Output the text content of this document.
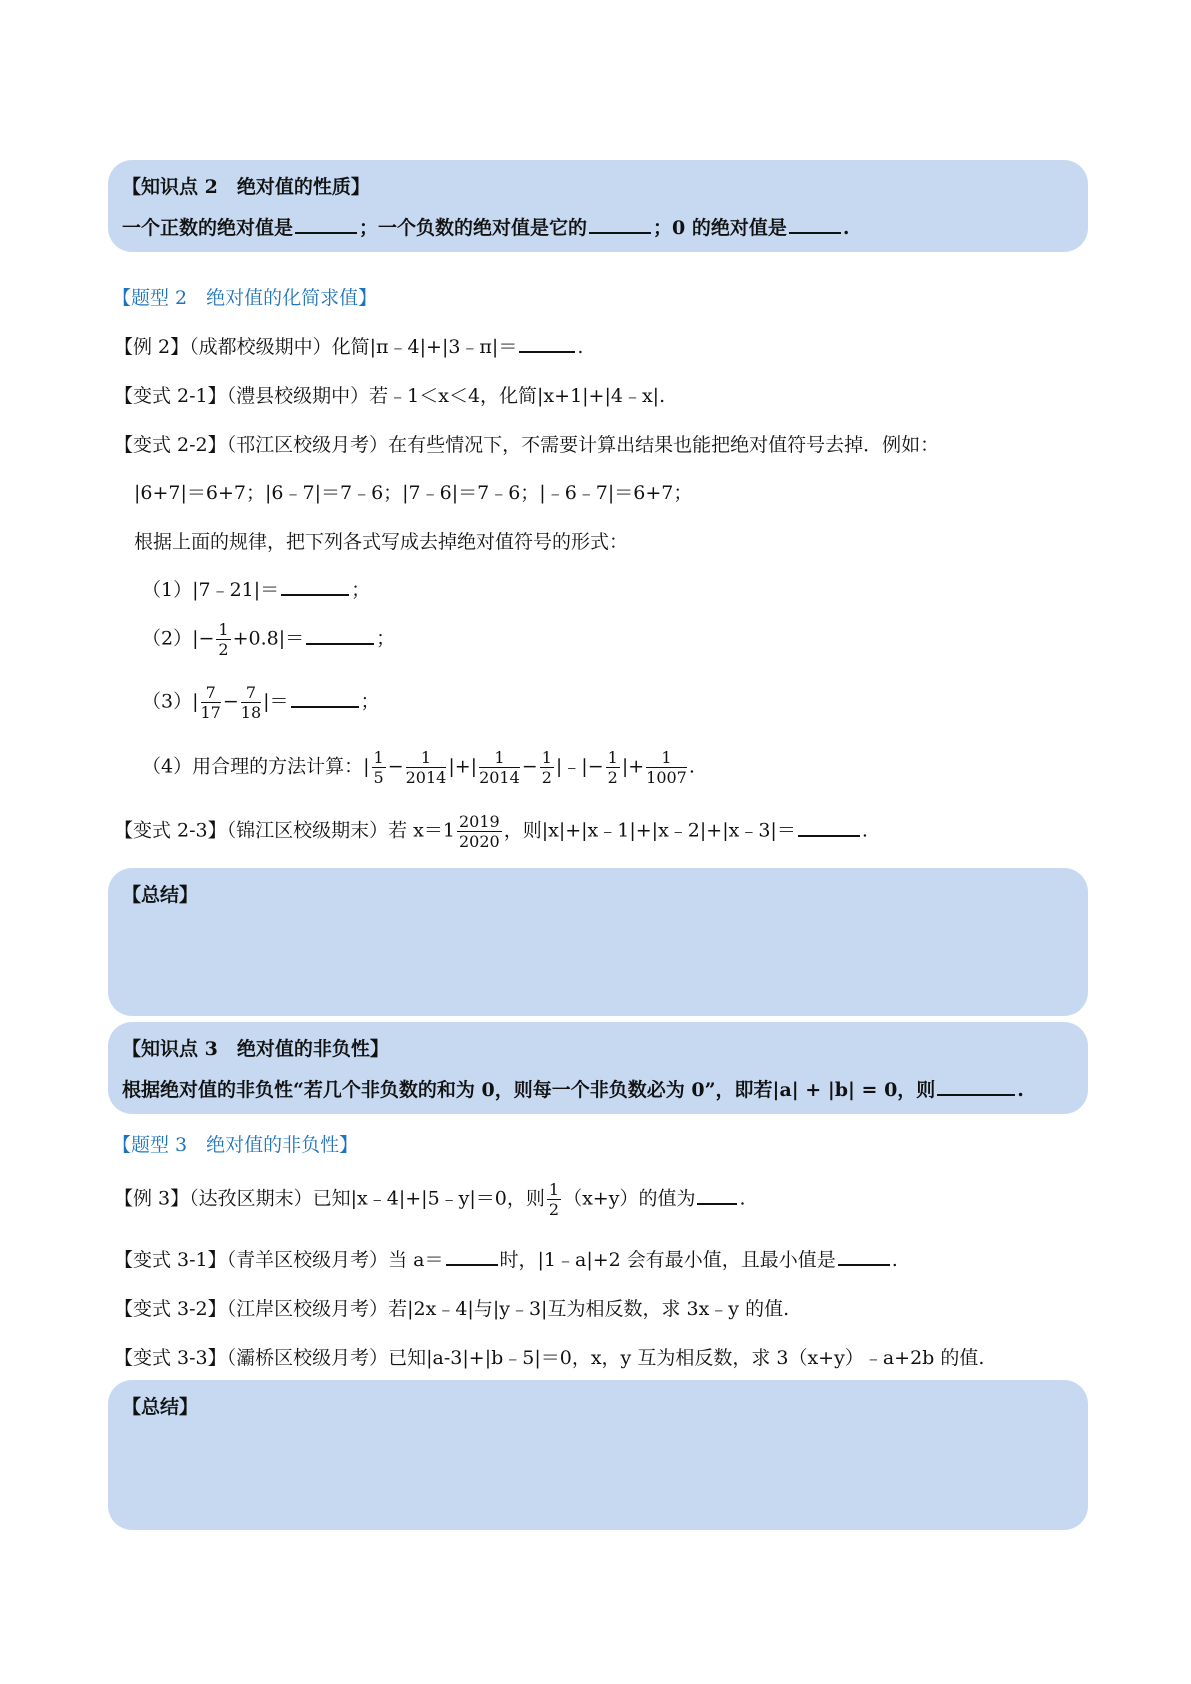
【知识点 2　绝对值的性质】
一个正数的绝对值是	；一个负数的绝对值是它的	；0 的绝对值是	.
【题型 2　绝对值的化简求值】
【例 2】（成都校级期中）化简|π﹣4|+|3﹣π|＝	.
【变式 2-1】（澧县校级期中）若﹣1＜x＜4，化简|x+1|+|4﹣x|.
【变式 2-2】（邗江区校级月考）在有些情况下，不需要计算出结果也能把绝对值符号去掉．例如：
|6+7|＝6+7；|6﹣7|＝7﹣6；|7﹣6|＝7﹣6；|﹣6﹣7|＝6+7；
根据上面的规律，把下列各式写成去掉绝对值符号的形式：
（1）|7﹣21|＝	；
$(2)|- \frac{1}{2} +0.8|=$	；
$(3)| \frac{7}{17} - \frac{7}{18}$ |＝	；
（4）用合理的方法计算：| $\frac{1}{5} - \frac{1}{2014}$ |+| $\frac{1}{2014} - \frac{1}{2}$ |﹣|− $\frac{1}{2}$ |+ $\frac{1}{1007}$ .
【变式 2-3】（锦江区校级期末）若 $x=1 \frac{2019}{2020}$ ，则|x|+|x﹣1|+|x﹣2|+|x﹣3|＝	.
【总结】
【知识点 3　绝对值的非负性】
根据绝对值的非负性“若几个非负数的和为 0，则每一个非负数必为 0”，即若|a| + |b| = 0，则	.
【题型 3　绝对值的非负性】
【例 3】（达孜区期末）已知|x﹣4|+|5﹣y|＝0，则 $\frac{1}{2} (x+y)$的值为 .
【变式 3-1】（青羊区校级月考）当 a＝	时，|1﹣a|+2 会有最小值，且最小值是	.
【变式 3-2】（江岸区校级月考）若|2x﹣4|与|y﹣3|互为相反数，求 3x﹣y 的值.
【变式 3-3】（灞桥区校级月考）已知|a-3|+|b﹣5|＝0，x，y 互为相反数，求 3（x+y）﹣a+2b 的值.
【总结】
